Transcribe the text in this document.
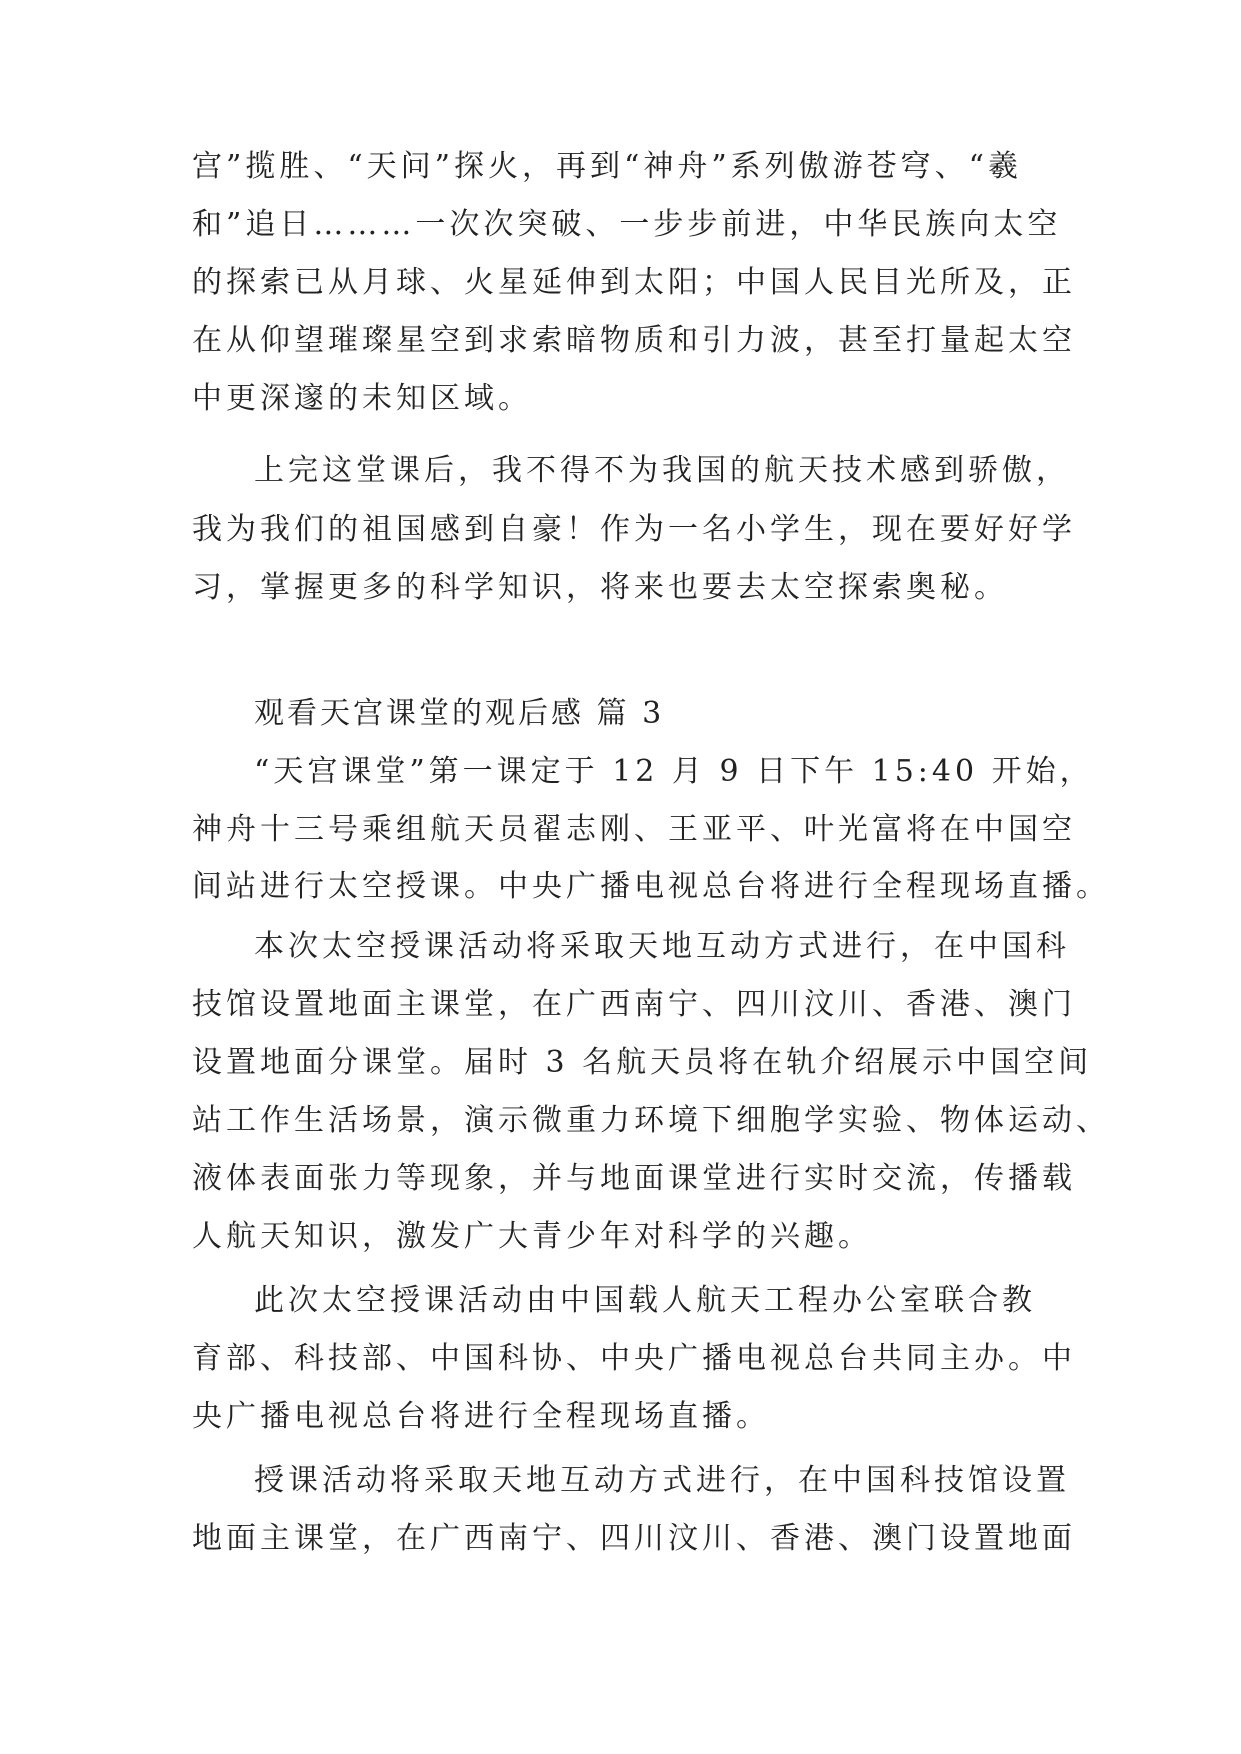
宫”揽胜、“天问”探火，再到“神舟”系列傲游苍穹、“羲

和”追日………一次次突破、一步步前进，中华民族向太空

的探索已从月球、火星延伸到太阳；中国人民目光所及，正

在从仰望璀璨星空到求索暗物质和引力波，甚至打量起太空

中更深邃的未知区域。

上完这堂课后，我不得不为我国的航天技术感到骄傲，

我为我们的祖国感到自豪！作为一名小学生，现在要好好学

习，掌握更多的科学知识，将来也要去太空探索奥秘。

观看天宫课堂的观后感 篇 3

“天宫课堂”第一课定于 12 月 9 日下午 15:40 开始，

神舟十三号乘组航天员翟志刚、王亚平、叶光富将在中国空

间站进行太空授课。中央广播电视总台将进行全程现场直播。

本次太空授课活动将采取天地互动方式进行，在中国科

技馆设置地面主课堂，在广西南宁、四川汶川、香港、澳门

设置地面分课堂。届时 3 名航天员将在轨介绍展示中国空间

站工作生活场景，演示微重力环境下细胞学实验、物体运动、

液体表面张力等现象，并与地面课堂进行实时交流，传播载

人航天知识，激发广大青少年对科学的兴趣。

此次太空授课活动由中国载人航天工程办公室联合教

育部、科技部、中国科协、中央广播电视总台共同主办。中

央广播电视总台将进行全程现场直播。

授课活动将采取天地互动方式进行，在中国科技馆设置

地面主课堂，在广西南宁、四川汶川、香港、澳门设置地面
